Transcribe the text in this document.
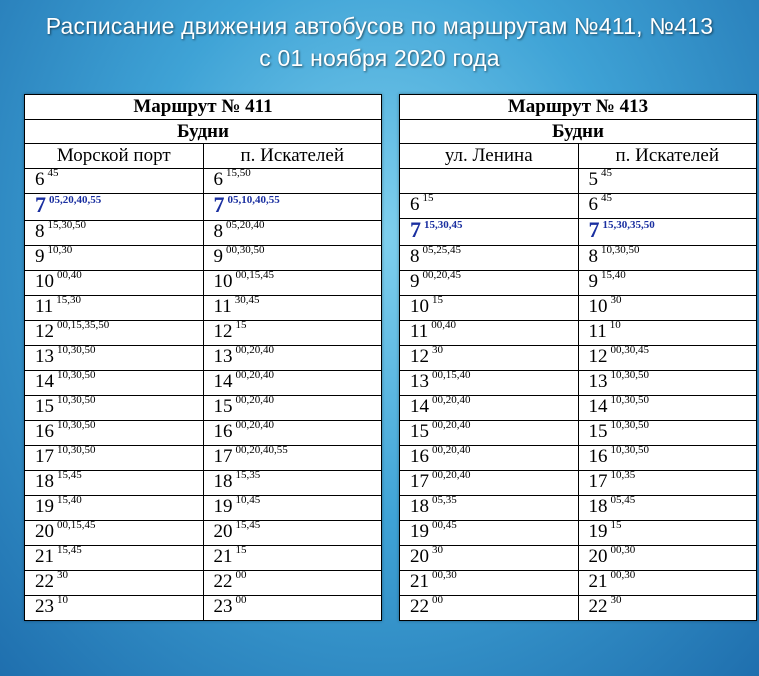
Расписание движения автобусов по маршрутам №411, №413
с 01 ноября 2020 года
Маршрут № 411	
Будни	
Морской порт	п. Искателей
6 $^{45}$	6 $^{15,50}$
7 $^{05,20,40,55}$	7 $^{05,10,40,55}$
8 $^{15,30,50}$	8 $^{05,20,40}$
9 $^{10,30}$	9 $^{00,30,50}$
10 $^{00,40}$	10 $^{00,15,45}$
11 $^{15,30}$	11 $^{30,45}$
12 $^{00,15,35,50}$	12 $^{15}$
13 $^{10,30,50}$	13 $^{00,20,40}$
14 $^{10,30,50}$	14 $^{00,20,40}$
15 $^{10,30,50}$	15 $^{00,20,40}$
16 $^{10,30,50}$	16 $^{00,20,40}$
17 $^{10,30,50}$	17 $^{00,20,40,55}$
18 $^{15,45}$	18 $^{15,35}$
19 $^{15,40}$	19 $^{10,45}$
20 $^{00,15,45}$	20 $^{15,45}$
21 $^{15,45}$	21 $^{15}$
22 $^{30}$	22 $^{00}$
23 $^{10}$	23 $^{00}$
Маршрут № 413	
Будни	
ул. Ленина	п. Искателей
	5 $^{45}$
6 $^{15}$	6 $^{45}$
7 $^{15,30,45}$	7 $^{15,30,35,50}$
8 $^{05,25,45}$	8 $^{10,30,50}$
9 $^{00,20,45}$	9 $^{15,40}$
10 $^{15}$	10 $^{30}$
11 $^{00,40}$	11 $^{10}$
12 $^{30}$	12 $^{00,30,45}$
13 $^{00,15,40}$	13 $^{10,30,50}$
14 $^{00,20,40}$	14 $^{10,30,50}$
15 $^{00,20,40}$	15 $^{10,30,50}$
16 $^{00,20,40}$	16 $^{10,30,50}$
17 $^{00,20,40}$	17 $^{10,35}$
18 $^{05,35}$	18 $^{05,45}$
19 $^{00,45}$	19 $^{15}$
20 $^{30}$	20 $^{00,30}$
21 $^{00,30}$	21 $^{00,30}$
22 $^{00}$	22 $^{30}$
